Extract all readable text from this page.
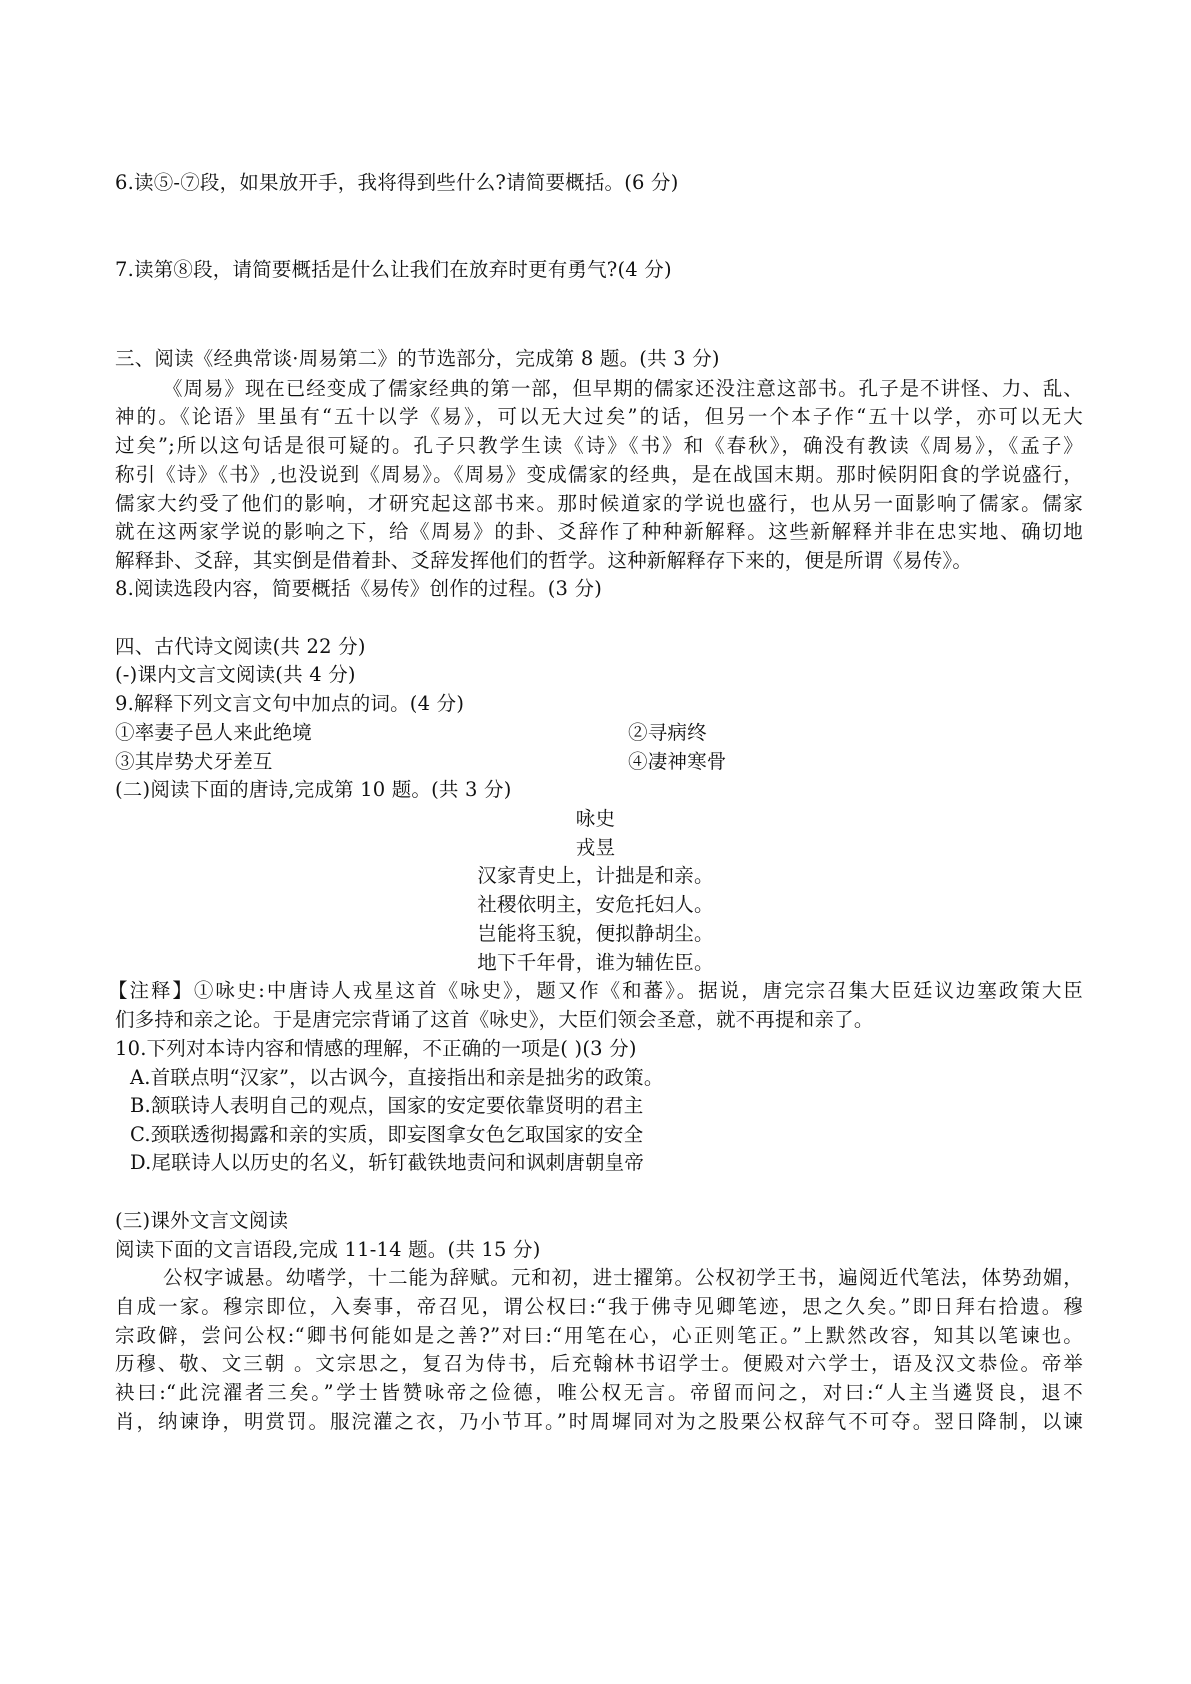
6.读⑤-⑦段，如果放开手，我将得到些什么?请简要概括。(6 分)
7.读第⑧段，请简要概括是什么让我们在放弃时更有勇气?(4 分)
三、阅读《经典常谈·周易第二》的节选部分，完成第 8 题。(共 3 分)
《周易》现在已经变成了儒家经典的第一部，但早期的儒家还没注意这部书。孔子是不讲怪、力、乱、
神的。《论语》里虽有“五十以学《易》，可以无大过矣”的话，但另一个本子作“五十以学，亦可以无大
过矣”;所以这句话是很可疑的。孔子只教学生读《诗》《书》和《春秋》，确没有教读《周易》，《孟子》
称引《诗》《书》,也没说到《周易》。《周易》变成儒家的经典，是在战国末期。那时候阴阳食的学说盛行，
儒家大约受了他们的影响，才研究起这部书来。那时候道家的学说也盛行，也从另一面影响了儒家。儒家
就在这两家学说的影响之下，给《周易》的卦、爻辞作了种种新解释。这些新解释并非在忠实地、确切地
解释卦、爻辞，其实倒是借着卦、爻辞发挥他们的哲学。这种新解释存下来的，便是所谓《易传》。
8.阅读选段内容，简要概括《易传》创作的过程。(3 分)
四、古代诗文阅读(共 22 分)
(-)课内文言文阅读(共 4 分)
9.解释下列文言文句中加点的词。(4 分)
①率妻子邑人来此绝境	②寻病终
③其岸势犬牙差互	④凄神寒骨
(二)阅读下面的唐诗,完成第 10 题。(共 3 分)
咏史
戎昱
汉家青史上，计拙是和亲。
社稷依明主，安危托妇人。
岂能将玉貌，便拟静胡尘。
地下千年骨，谁为辅佐臣。
【注释】①咏史:中唐诗人戎星这首《咏史》，题又作《和蕃》。据说，唐完宗召集大臣廷议边塞政策大臣
们多持和亲之论。于是唐完宗背诵了这首《咏史》，大臣们领会圣意，就不再提和亲了。
10.下列对本诗内容和情感的理解，不正确的一项是( )(3 分)
A.首联点明“汉家”，以古讽今，直接指出和亲是拙劣的政策。
B.颔联诗人表明自己的观点，国家的安定要依靠贤明的君主
C.颈联透彻揭露和亲的实质，即妄图拿女色乞取国家的安全
D.尾联诗人以历史的名义，斩钉截铁地责问和讽刺唐朝皇帝
(三)课外文言文阅读
阅读下面的文言语段,完成 11-14 题。(共 15 分)
公权字诚悬。幼嗜学，十二能为辞赋。元和初，进士擢第。公权初学王书，遍阅近代笔法，体势劲媚，
自成一家。穆宗即位，入奏事，帝召见，谓公权曰:“我于佛寺见卿笔迹，思之久矣。”即日拜右拾遗。穆
宗政僻，尝问公权:“卿书何能如是之善?”对曰:“用笔在心，心正则笔正。”上默然改容，知其以笔谏也。
历穆、敬、文三朝 。文宗思之，复召为侍书，后充翰林书诏学士。便殿对六学士，语及汉文恭俭。帝举
袂曰:“此浣濯者三矣。”学士皆赞咏帝之俭德，唯公权无言。帝留而问之，对曰:“人主当遴贤良，退不
肖，纳谏诤，明赏罚。服浣灌之衣，乃小节耳。”时周墀同对为之股栗公权辞气不可夺。翌日降制，以谏
